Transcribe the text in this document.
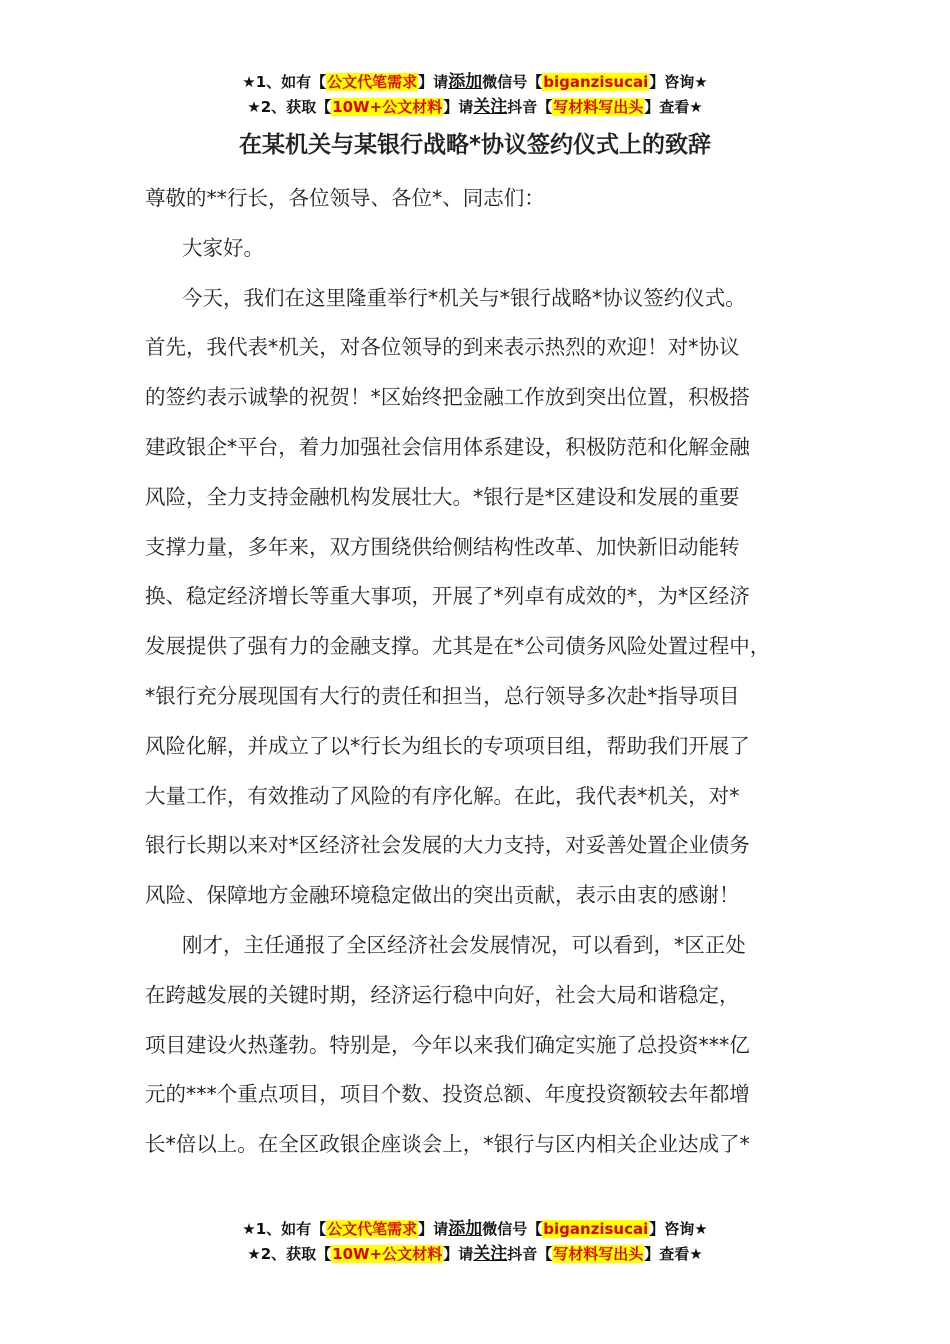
★1、如有【公文代笔需求】请添加微信号【biganzisucai】咨询★
★2、获取【10W+公文材料】请关注抖音【写材料写出头】查看★
在某机关与某银行战略*协议签约仪式上的致辞
尊敬的**行长，各位领导、各位*、同志们：
大家好。
今天，我们在这里隆重举行*机关与*银行战略*协议签约仪式。
首先，我代表*机关，对各位领导的到来表示热烈的欢迎！对*协议
的签约表示诚挚的祝贺！*区始终把金融工作放到突出位置，积极搭
建政银企*平台，着力加强社会信用体系建设，积极防范和化解金融
风险，全力支持金融机构发展壮大。*银行是*区建设和发展的重要
支撑力量，多年来，双方围绕供给侧结构性改革、加快新旧动能转
换、稳定经济增长等重大事项，开展了*列卓有成效的*，为*区经济
发展提供了强有力的金融支撑。尤其是在*公司债务风险处置过程中，
*银行充分展现国有大行的责任和担当，总行领导多次赴*指导项目
风险化解，并成立了以*行长为组长的专项项目组，帮助我们开展了
大量工作，有效推动了风险的有序化解。在此，我代表*机关，对*
银行长期以来对*区经济社会发展的大力支持，对妥善处置企业债务
风险、保障地方金融环境稳定做出的突出贡献，表示由衷的感谢！
刚才，主任通报了全区经济社会发展情况，可以看到，*区正处
在跨越发展的关键时期，经济运行稳中向好，社会大局和谐稳定，
项目建设火热蓬勃。特别是，今年以来我们确定实施了总投资***亿
元的***个重点项目，项目个数、投资总额、年度投资额较去年都增
长*倍以上。在全区政银企座谈会上，*银行与区内相关企业达成了*
★1、如有【公文代笔需求】请添加微信号【biganzisucai】咨询★
★2、获取【10W+公文材料】请关注抖音【写材料写出头】查看★
